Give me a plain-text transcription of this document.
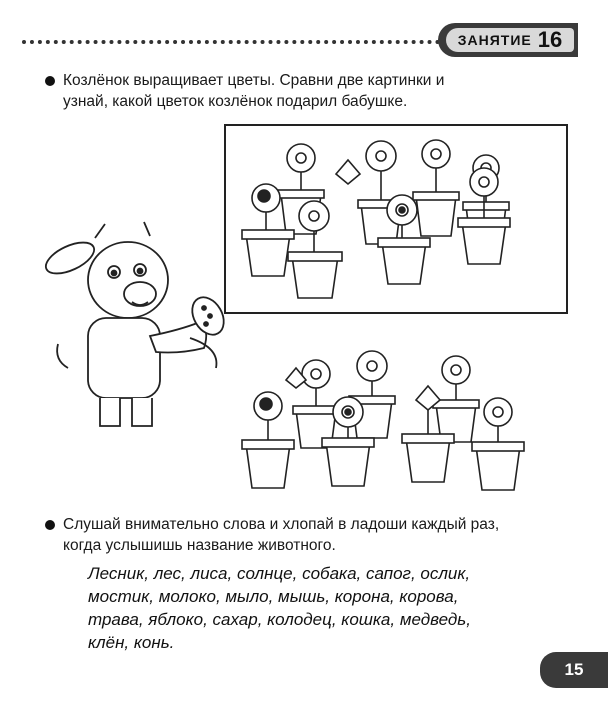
ЗАНЯТИЕ 16
Козлёнок выращивает цветы. Сравни две картинки и
узнай, какой цветок козлёнок подарил бабушке.
Слушай внимательно слова и хлопай в ладоши каждый раз,
когда услышишь название животного.
Лесник, лес, лиса, солнце, собака, сапог, ослик,
мостик, молоко, мыло, мышь, корона, корова,
трава, яблоко, сахар, колодец, кошка, медведь,
клён, конь.
15
